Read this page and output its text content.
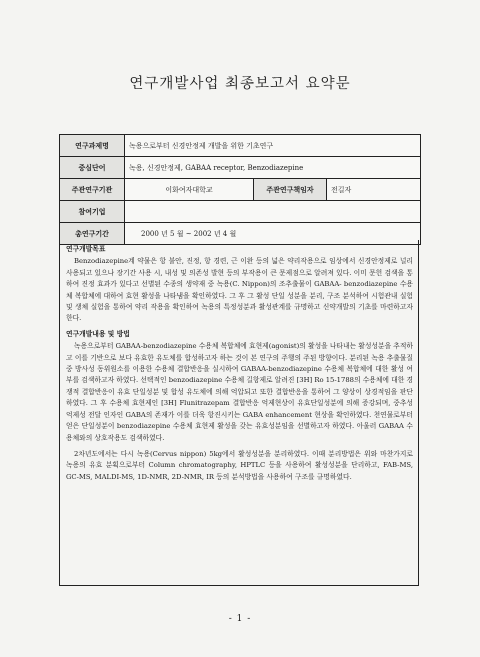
연구개발사업 최종보고서 요약문
연구과제명	녹용으로부터 신경안정제 개발을 위한 기초연구		
중심단어	녹용, 신경안정제, GABAA receptor, Benzodiazepine		
주관연구기관	이화여자대학교	주관연구책임자	전길자
참여기업			
총연구기간	2000 년 5 월 ~ 2002 년 4 월		
연구개발목표

Benzodiazepine계 약물은 항 불안, 진정, 항 경련, 근 이완 등의 넓은 약리작용으로 임상에서 신경안정제로 널리 사용되고 있으나 장기간 사용 시, 내성 및 의존성 발현 등의 부작용이 큰 문제점으로 알려져 있다. 이미 문헌 검색을 통하여 진정 효과가 있다고 선별된 수종의 생약재 중 녹용(C. Nippon)의 조추출물이 GABAA- benzodiazepine 수용체 복합체에 대하여 효현 활성을 나타냄을 확인하였다. 그 후 그 활성 단일 성분을 분리, 구조 분석하여 시험관내 실험 및 생체 실험을 통하여 약리 작용을 확인하여 녹용의 특정성분과 활성관계를 규명하고 신약개발의 기초를 마련하고자 한다.

연구개발내용 및 방법

녹용으로부터 GABAA-benzodiazepine 수용체 복합체에 효현제(agonist)의 활성을 나타내는 활성성분을 추적하고 이를 기반으로 보다 유효한 유도체를 합성하고자 하는 것이 본 연구의 주행의 주된 방향이다. 분리된 녹용 추출물질 중 방사성 동위원소를 이용한 수용체 결합반응을 실시하여 GABAA-benzodiazepine 수용체 복합체에 대한 활성 여부를 검색하고자 하였다. 선택적인 benzodiazepine 수용체 길항제로 알려진 [3H] Ro 15-1788의 수용체에 대한 경쟁적 결합반응이 유효 단일성분 및 합성 유도체에 의해 억압되고 또한 결합반응을 통하여 그 양상이 상경적임을 판단하였다. 그 후 수용체 효현제인 [3H] Flunitrazepam 결합반응 억제현상이 유효단일성분에 의해 증강되며, 중추성 억제성 전달 인자인 GABA의 존재가 이를 더욱 항진시키는 GABA enhancement 현상을 확인하였다. 천연물로부터 얻은 단일성분이 benzodiazepine 수용체 효현제 활성을 갖는 유효성분임을 선별하고자 하였다. 아울러 GABAA 수용체와의 상호작용도 검색하였다.

2차년도에서는 다시 녹용(Cervus nippon) 5kg에서 활성성분을 분리하였다. 이때 분리방법은 위와 마찬가지로 녹용의 유효 분획으로부터 Column chromatography, HPTLC 등을 사용하여 활성성분을 단리하고, FAB-MS, GC-MS, MALDI-MS, 1D-NMR, 2D-NMR, IR 등의 분석방법을 사용하여 구조를 규명하였다.

- 1 -
